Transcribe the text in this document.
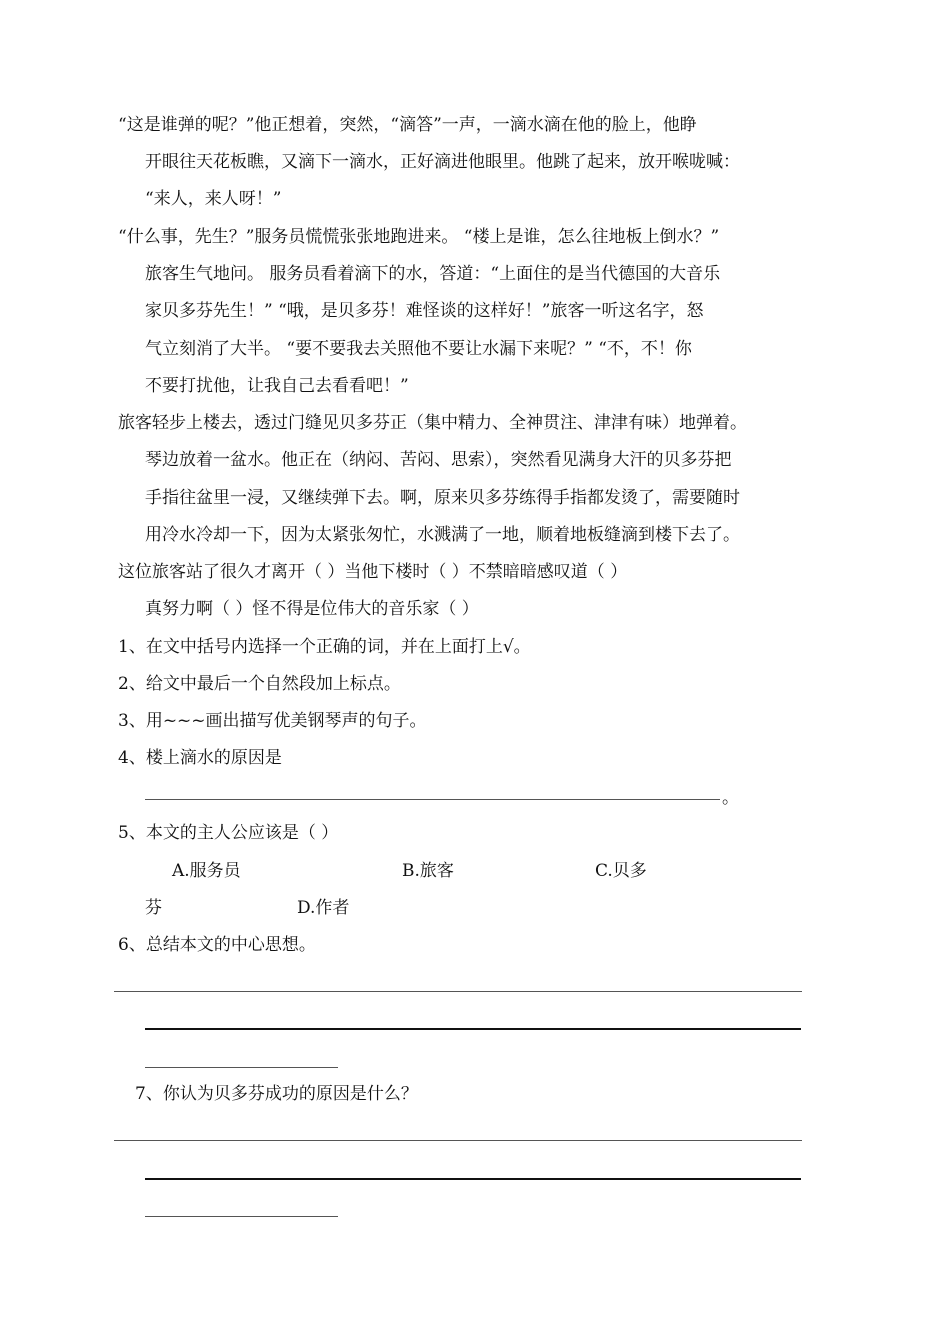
“这是谁弹的呢？”他正想着，突然，“滴答”一声，一滴水滴在他的脸上，他睁
开眼往天花板瞧，又滴下一滴水，正好滴进他眼里。他跳了起来，放开喉咙喊：
“来人，来人呀！”
“什么事，先生？”服务员慌慌张张地跑进来。 “楼上是谁，怎么往地板上倒水？”
旅客生气地问。 服务员看着滴下的水，答道：“上面住的是当代德国的大音乐
家贝多芬先生！” “哦，是贝多芬！难怪谈的这样好！”旅客一听这名字，怒
气立刻消了大半。 “要不要我去关照他不要让水漏下来呢？” “不，不！你
不要打扰他，让我自己去看看吧！”
旅客轻步上楼去，透过门缝见贝多芬正（集中精力、全神贯注、津津有味）地弹着。
琴边放着一盆水。他正在（纳闷、苦闷、思索），突然看见满身大汗的贝多芬把
手指往盆里一浸，又继续弹下去。啊，原来贝多芬练得手指都发烫了，需要随时
用冷水冷却一下，因为太紧张匆忙，水溅满了一地，顺着地板缝滴到楼下去了。
这位旅客站了很久才离开（ ）当他下楼时（ ）不禁暗暗感叹道（ ）
真努力啊（ ）怪不得是位伟大的音乐家（ ）
1、在文中括号内选择一个正确的词，并在上面打上√。
2、给文中最后一个自然段加上标点。
3、用~~~画出描写优美钢琴声的句子。
4、楼上滴水的原因是
。
5、本文的主人公应该是（ ）
A.服务员	B.旅客	C.贝多
芬	D.作者
6、总结本文的中心思想。
7、你认为贝多芬成功的原因是什么？
